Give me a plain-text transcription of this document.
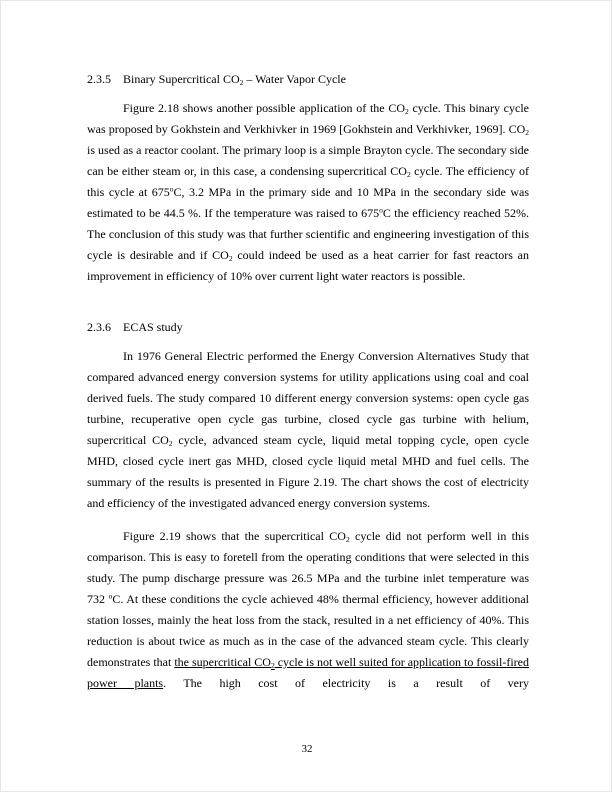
2.3.5 Binary Supercritical $CO_2$ – Water Vapor Cycle

Figure 2.18 shows another possible application of the $CO_2$ cycle. This binary cycle was proposed by Gokhstein and Verkhivker in 1969 [Gokhstein and Verkhivker, 1969]. $CO_2$ is used as a reactor coolant. The primary loop is a simple Brayton cycle. The secondary side can be either steam or, in this case, a condensing supercritical $CO_2$ cycle. The efficiency of this cycle at 675$^o$C, 3.2 MPa in the primary side and 10 MPa in the secondary side was estimated to be 44.5 %. If the temperature was raised to 675$^o$C the efficiency reached 52%. The conclusion of this study was that further scientific and engineering investigation of this cycle is desirable and if $CO_2$ could indeed be used as a heat carrier for fast reactors an improvement in efficiency of 10% over current light water reactors is possible.

2.3.6 ECAS study

In 1976 General Electric performed the Energy Conversion Alternatives Study that compared advanced energy conversion systems for utility applications using coal and coal derived fuels. The study compared 10 different energy conversion systems: open cycle gas turbine, recuperative open cycle gas turbine, closed cycle gas turbine with helium, supercritical $CO_2$ cycle, advanced steam cycle, liquid metal topping cycle, open cycle MHD, closed cycle inert gas MHD, closed cycle liquid metal MHD and fuel cells. The summary of the results is presented in Figure 2.19. The chart shows the cost of electricity and efficiency of the investigated advanced energy conversion systems.

Figure 2.19 shows that the supercritical $CO_2$ cycle did not perform well in this comparison. This is easy to foretell from the operating conditions that were selected in this study. The pump discharge pressure was 26.5 MPa and the turbine inlet temperature was 732 $^o$C. At these conditions the cycle achieved 48% thermal efficiency, however additional station losses, mainly the heat loss from the stack, resulted in a net efficiency of 40%. This reduction is about twice as much as in the case of the advanced steam cycle. This clearly demonstrates that the supercritical CO2 cycle is not well suited for application to fossil-fired power plants. The high cost of electricity is a result of very

32
